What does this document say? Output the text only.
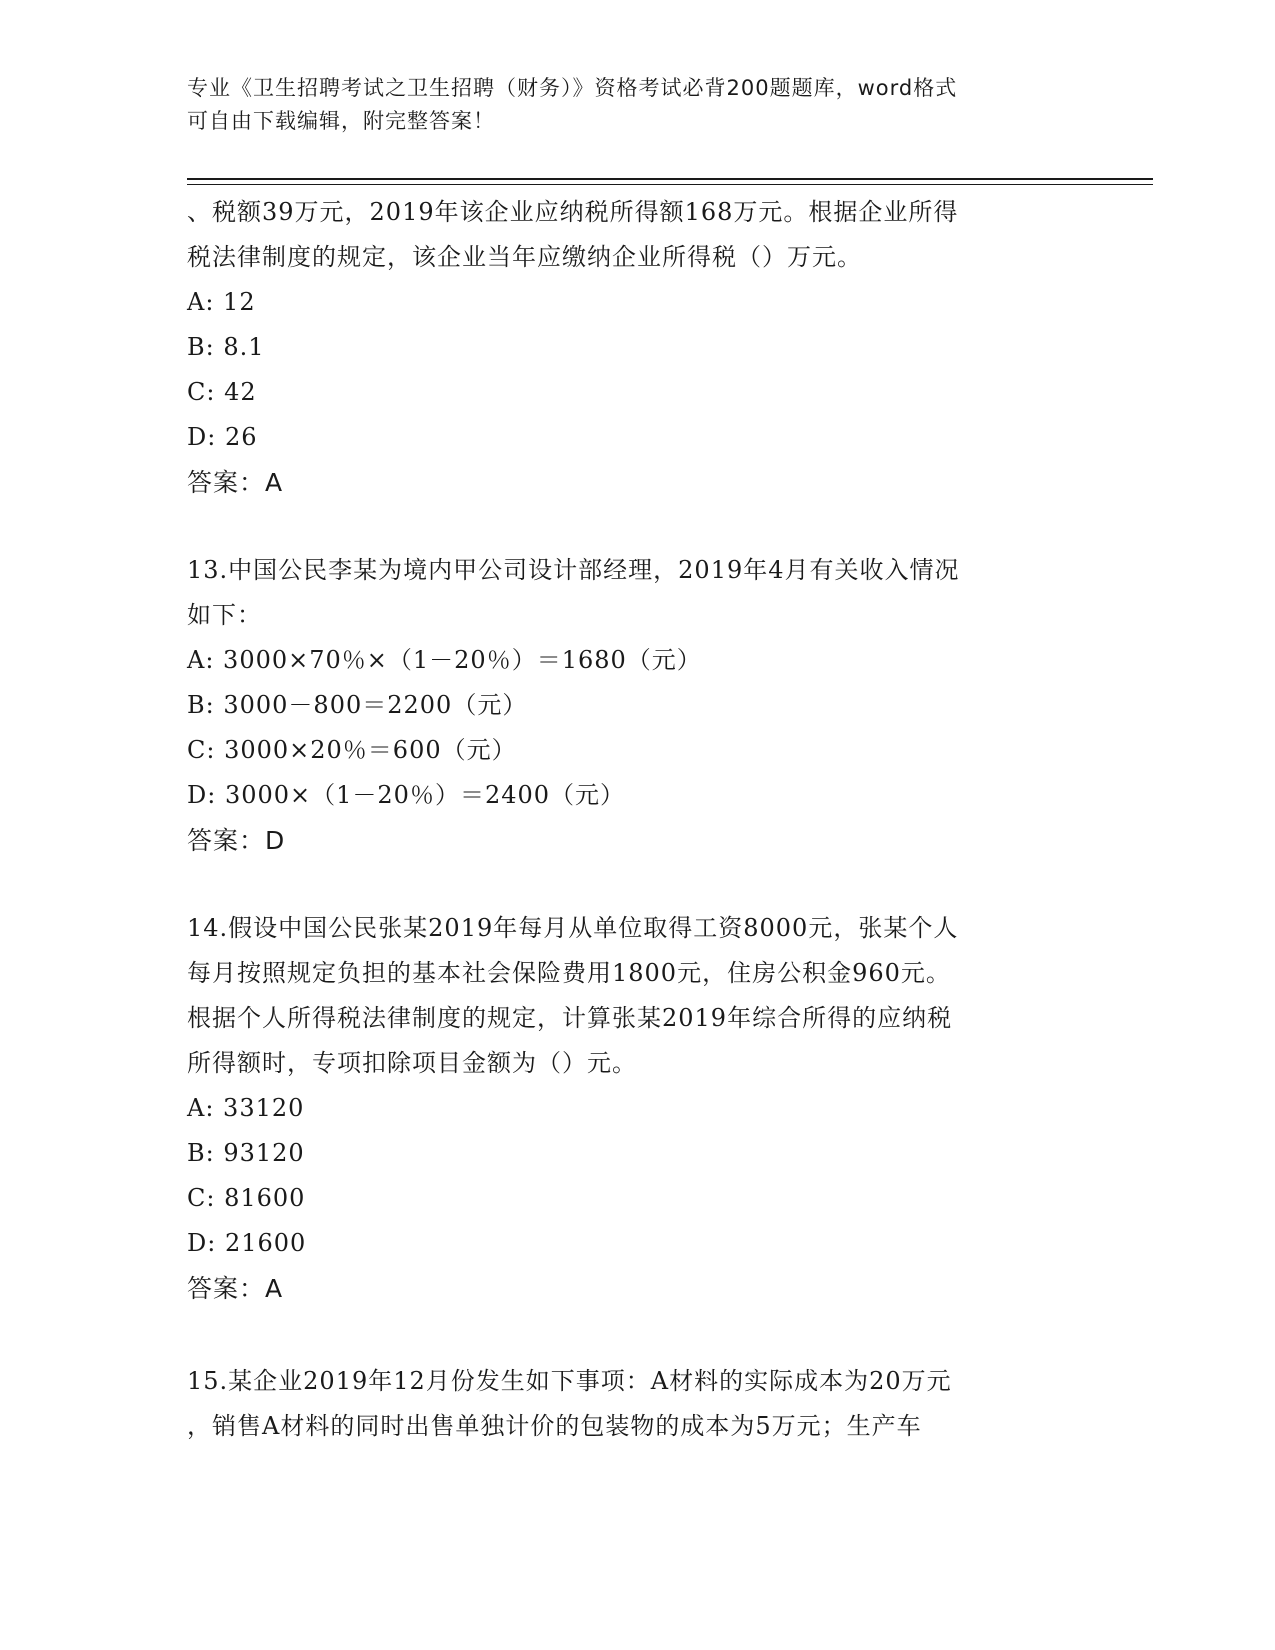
专业《卫生招聘考试之卫生招聘（财务）》资格考试必背200题题库，word格式
可自由下载编辑，附完整答案！
、税额39万元，2019年该企业应纳税所得额168万元。根据企业所得
税法律制度的规定，该企业当年应缴纳企业所得税（）万元。
A: 12
B: 8.1
C: 42
D: 26
答案：A
13.中国公民李某为境内甲公司设计部经理，2019年4月有关收入情况
如下：
A: 3000×70％×（1－20％）＝1680（元）
B: 3000－800＝2200（元）
C: 3000×20％＝600（元）
D: 3000×（1－20％）＝2400（元）
答案：D
14.假设中国公民张某2019年每月从单位取得工资8000元，张某个人
每月按照规定负担的基本社会保险费用1800元，住房公积金960元。
根据个人所得税法律制度的规定，计算张某2019年综合所得的应纳税
所得额时，专项扣除项目金额为（）元。
A: 33120
B: 93120
C: 81600
D: 21600
答案：A
15.某企业2019年12月份发生如下事项：A材料的实际成本为20万元
，销售A材料的同时出售单独计价的包装物的成本为5万元；生产车
